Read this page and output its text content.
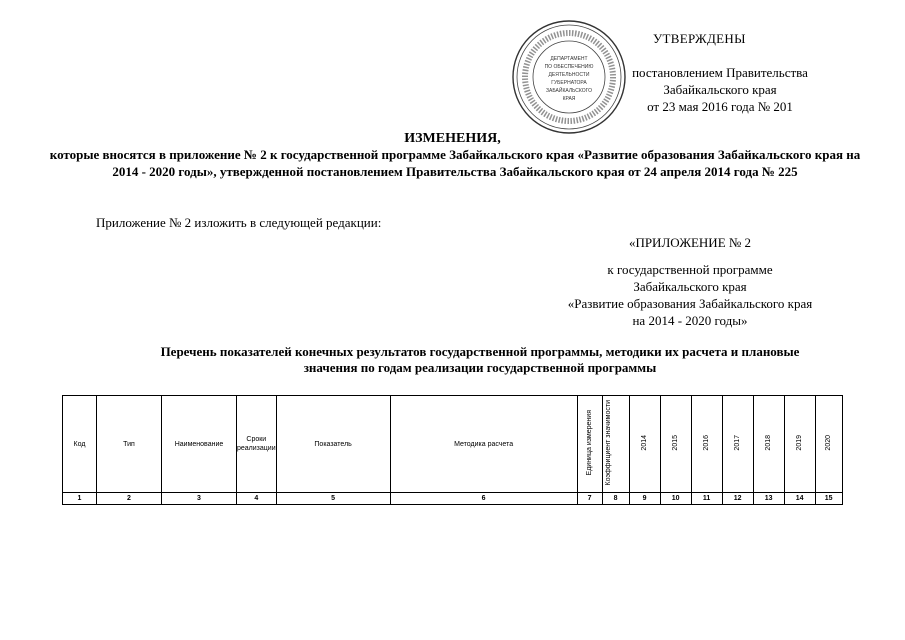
УТВЕРЖДЕНЫ
постановлением Правительства
Забайкальского края
от 23 мая 2016 года № 201
ДЕПАРТАМЕНТ
ПО ОБЕСПЕЧЕНИЮ
ДЕЯТЕЛЬНОСТИ
ГУБЕРНАТОРА
ЗАБАЙКАЛЬСКОГО
КРАЯ
ИЗМЕНЕНИЯ,
которые вносятся в приложение № 2 к государственной программе Забайкальского края «Развитие образования Забайкальского края на 2014 - 2020 годы», утвержденной постановлением Правительства Забайкальского края от 24 апреля 2014 года № 225
Приложение № 2 изложить в следующей редакции:
«ПРИЛОЖЕНИЕ № 2
к государственной программе
Забайкальского края
«Развитие образования Забайкальского края
на 2014 - 2020 годы»
Перечень показателей конечных результатов государственной программы, методики их расчета и плановые значения по годам реализации государственной программы
Код	Тип	Наименование	Сроки реализации	Показатель	Методика расчета	Единица измерения	Коэффициент значимости	2014	2015	2016	2017	2018	2019	2020
1	2	3	4	5	6	7	8	9	10	11	12	13	14	15
